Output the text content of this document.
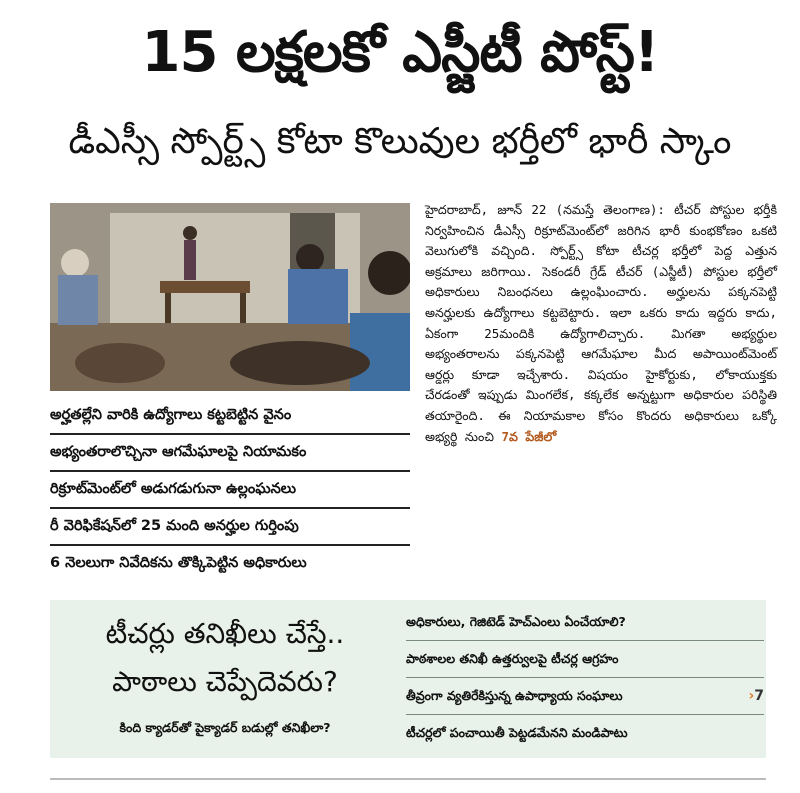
15 లక్షలకో ఎస్జీటీ పోస్ట్!
డీఎస్సీ స్పోర్ట్స్ కోటా కొలువుల భర్తీలో భారీ స్కాం
అర్హతల్లేని వారికి ఉద్యోగాలు కట్టబెట్టిన వైనం
అభ్యంతరాలొచ్చినా ఆగమేఘాలపై నియామకం
రిక్రూట్‌మెంట్‌లో అడుగడుగునా ఉల్లంఘనలు
రీ వెరిఫికేషన్‌లో 25 మంది అనర్హుల గుర్తింపు
6 నెలలుగా నివేదికను తొక్కిపెట్టిన అధికారులు
హైదరాబాద్, జూన్ 22 (నమస్తే తెలంగాణ): టీచర్ పోస్టుల భర్తీకి నిర్వహించిన డీఎస్సీ రిక్రూట్‌మెంట్‌లో జరిగిన భారీ కుంభకోణం ఒకటి వెలుగులోకి వచ్చింది. స్పోర్ట్స్ కోటా టీచర్ల భర్తీలో పెద్ద ఎత్తున అక్రమాలు జరిగాయి. సెకండరీ గ్రేడ్ టీచర్ (ఎస్జీటీ) పోస్టుల భర్తీలో అధికారులు నిబంధనలు ఉల్లంఘించారు. అర్హులను పక్కనపెట్టి అనర్హులకు ఉద్యోగాలు కట్టబెట్టారు. ఇలా ఒకరు కాదు ఇద్దరు కాదు, ఏకంగా 25మందికి ఉద్యోగాలిచ్చారు. మిగతా అభ్యర్థుల అభ్యంతరాలను పక్కనపెట్టి ఆగమేఘాల మీద అపాయింట్‌మెంట్ ఆర్డర్లు కూడా ఇచ్చేశారు. విషయం హైకోర్టుకు, లోకాయుక్తకు చేరడంతో ఇప్పుడు మింగలేక, కక్కలేక అన్నట్టుగా అధికారుల పరిస్థితి తయారైంది. ఈ నియామకాల కోసం కొందరు అధికారులు ఒక్కో అభ్యర్థి నుంచి 7వ పేజీలో
టీచర్లు తనిఖీలు చేస్తే..
పాఠాలు చెప్పేదెవరు?
కింది క్యాడర్‌తో పైక్యాడర్ బడుల్లో తనిఖీలా?
అధికారులు, గెజిటెడ్ హెచ్‌ఎంలు ఏంచేయాలి?
పాఠశాలల తనిఖీ ఉత్తర్వులపై టీచర్ల ఆగ్రహం
తీవ్రంగా వ్యతిరేకిస్తున్న ఉపాధ్యాయ సంఘాలు	›7
టీచర్లలో పంచాయితీ పెట్టడమేనని మండిపాటు
